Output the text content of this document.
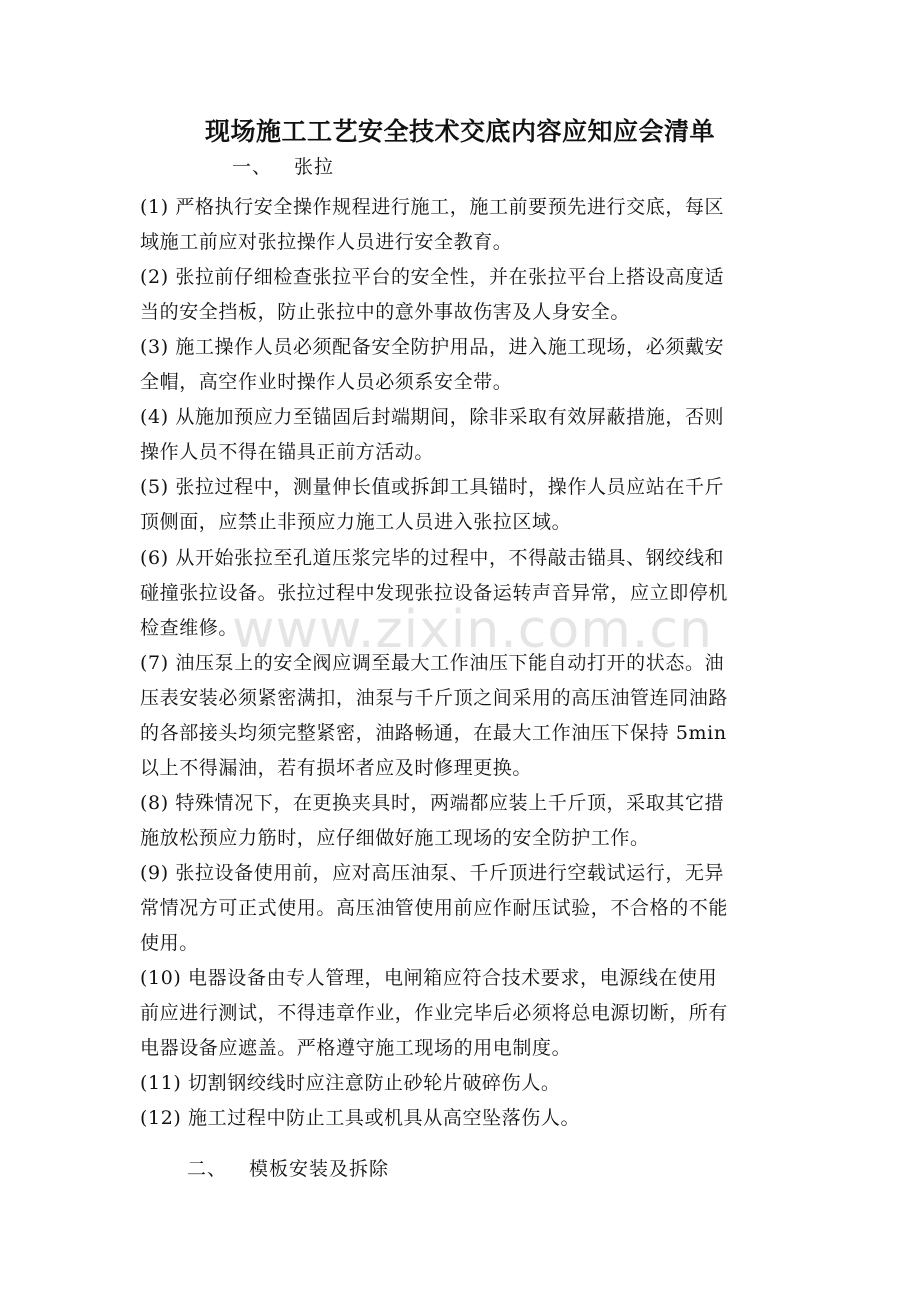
现场施工工艺安全技术交底内容应知应会清单
一、 张拉
(1) 严格执行安全操作规程进行施工，施工前要预先进行交底，每区
域施工前应对张拉操作人员进行安全教育。
(2) 张拉前仔细检查张拉平台的安全性，并在张拉平台上搭设高度适
当的安全挡板，防止张拉中的意外事故伤害及人身安全。
(3) 施工操作人员必须配备安全防护用品，进入施工现场，必须戴安
全帽，高空作业时操作人员必须系安全带。
(4) 从施加预应力至锚固后封端期间，除非采取有效屏蔽措施，否则
操作人员不得在锚具正前方活动。
(5) 张拉过程中，测量伸长值或拆卸工具锚时，操作人员应站在千斤
顶侧面，应禁止非预应力施工人员进入张拉区域。
(6) 从开始张拉至孔道压浆完毕的过程中，不得敲击锚具、钢绞线和
碰撞张拉设备。张拉过程中发现张拉设备运转声音异常，应立即停机
检查维修。
(7) 油压泵上的安全阀应调至最大工作油压下能自动打开的状态。油
压表安装必须紧密满扣，油泵与千斤顶之间采用的高压油管连同油路
的各部接头均须完整紧密，油路畅通，在最大工作油压下保持 5min
以上不得漏油，若有损坏者应及时修理更换。
(8) 特殊情况下，在更换夹具时，两端都应装上千斤顶，采取其它措
施放松预应力筋时，应仔细做好施工现场的安全防护工作。
(9) 张拉设备使用前，应对高压油泵、千斤顶进行空载试运行，无异
常情况方可正式使用。高压油管使用前应作耐压试验，不合格的不能
使用。
(10) 电器设备由专人管理，电闸箱应符合技术要求，电源线在使用
前应进行测试，不得违章作业，作业完毕后必须将总电源切断，所有
电器设备应遮盖。严格遵守施工现场的用电制度。
(11) 切割钢绞线时应注意防止砂轮片破碎伤人。
(12) 施工过程中防止工具或机具从高空坠落伤人。
二、 模板安装及拆除
www.zixin.com.cn
